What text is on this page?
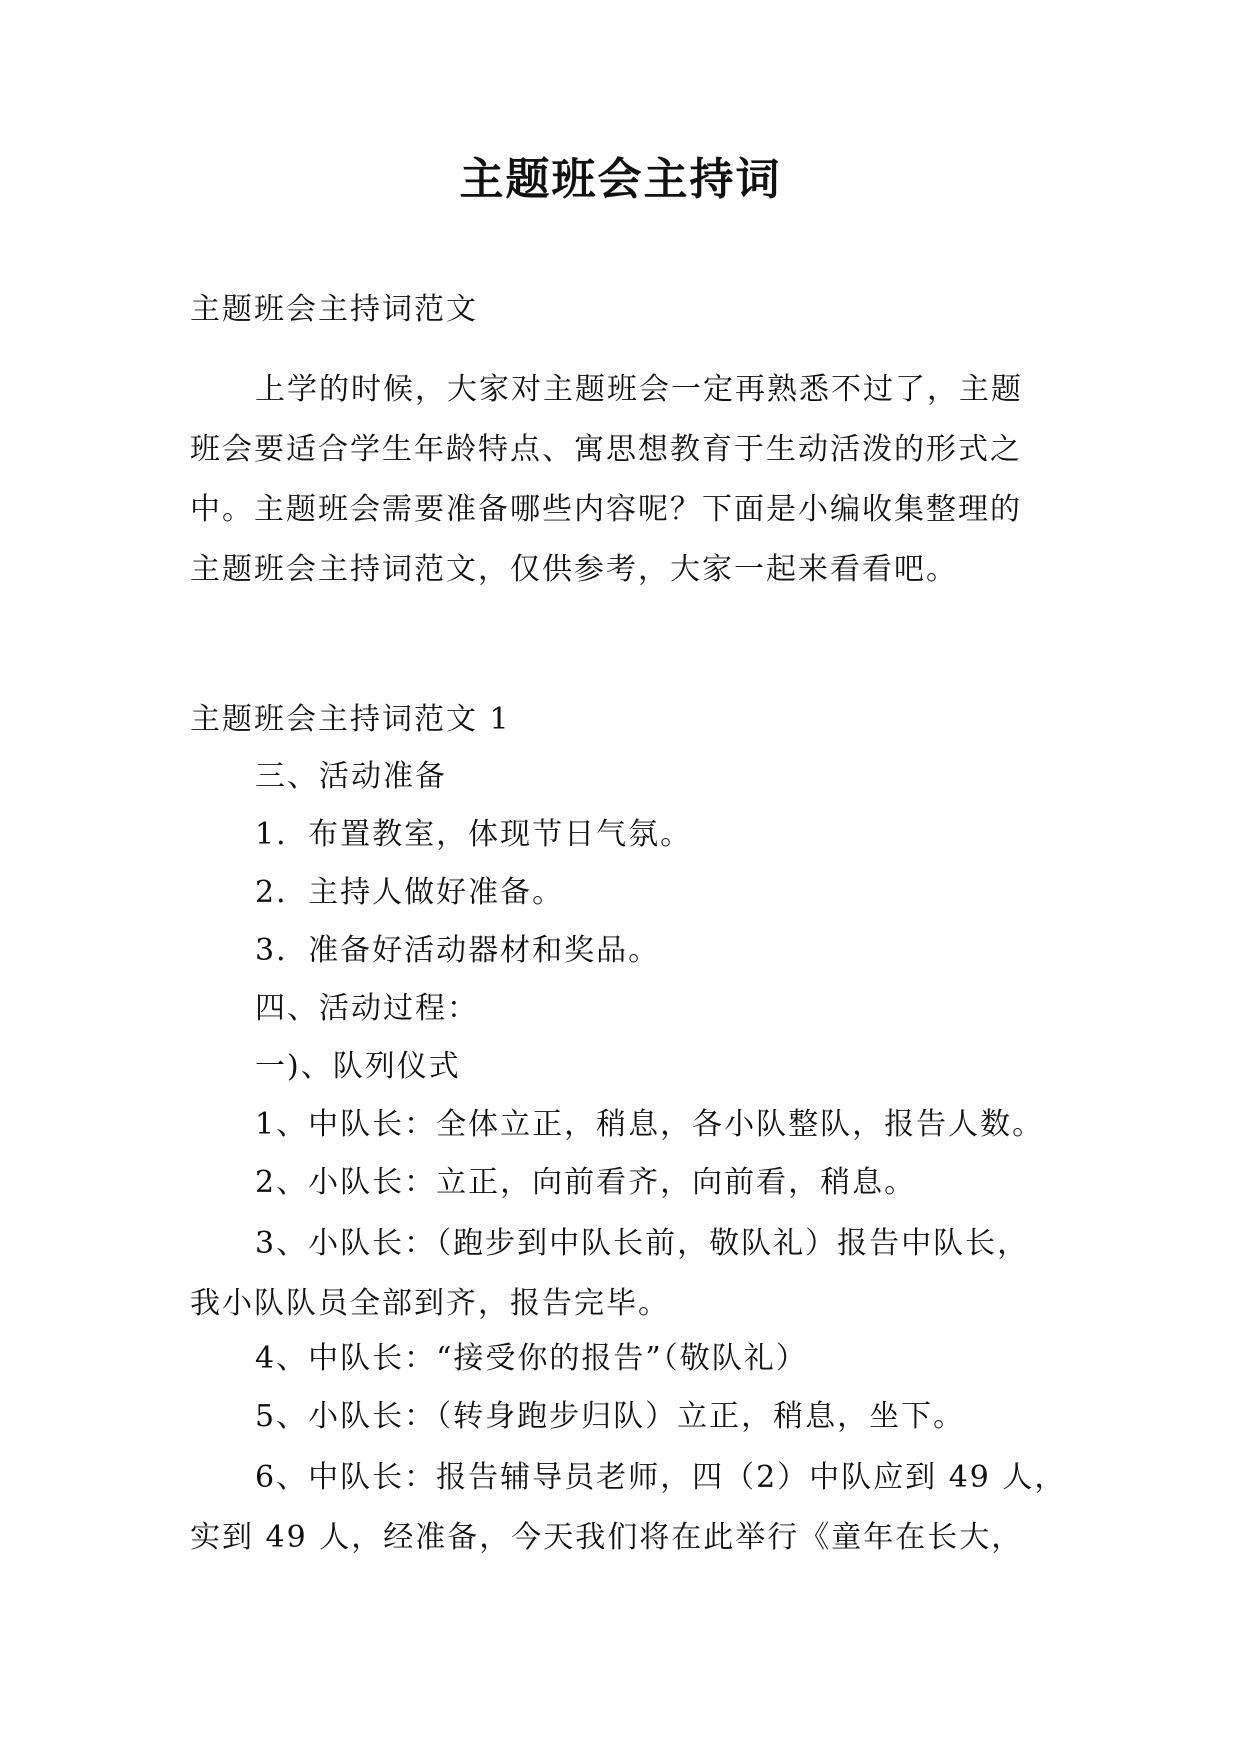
主题班会主持词

主题班会主持词范文

上学的时候，大家对主题班会一定再熟悉不过了，主题
班会要适合学生年龄特点、寓思想教育于生动活泼的形式之
中。主题班会需要准备哪些内容呢？下面是小编收集整理的
主题班会主持词范文，仅供参考，大家一起来看看吧。

主题班会主持词范文 1

三、活动准备

1．布置教室，体现节日气氛。

2．主持人做好准备。

3．准备好活动器材和奖品。

四、活动过程：

一)、队列仪式

1、中队长：全体立正，稍息，各小队整队，报告人数。

2、小队长：立正，向前看齐，向前看，稍息。

3、小队长：（跑步到中队长前，敬队礼）报告中队长，
我小队队员全部到齐，报告完毕。

4、中队长：“接受你的报告”（敬队礼）

5、小队长：（转身跑步归队）立正，稍息，坐下。

6、中队长：报告辅导员老师，四（2）中队应到 49 人，
实到 49 人，经准备，今天我们将在此举行《童年在长大，
